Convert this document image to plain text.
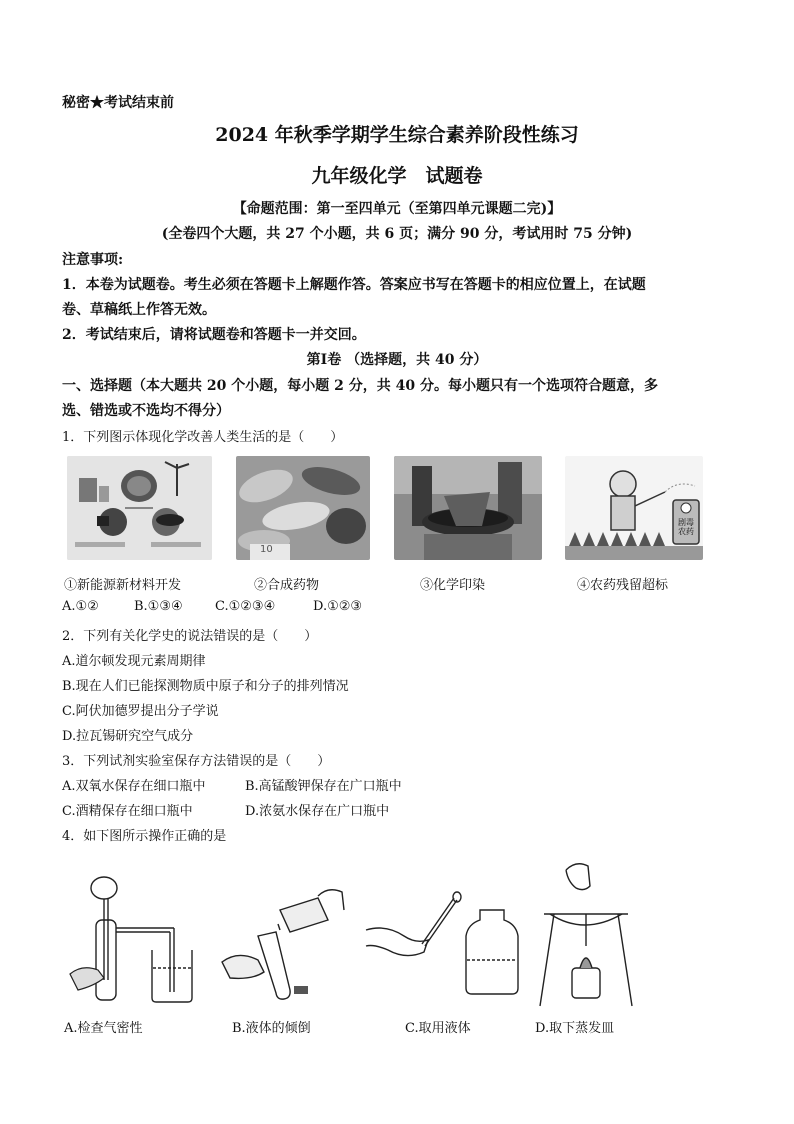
秘密★考试结束前
2024 年秋季学期学生综合素养阶段性练习
九年级化学　试题卷
【命题范围：第一至四单元（至第四单元课题二完)】
(全卷四个大题，共 27 个小题，共 6 页；满分 90 分，考试用时 75 分钟)
注意事项:
1．本卷为试题卷。考生必须在答题卡上解题作答。答案应书写在答题卡的相应位置上，在试题
卷、草稿纸上作答无效。
2．考试结束后，请将试题卷和答题卡一并交回。
第Ⅰ卷 （选择题，共 40 分）
一、选择题（本大题共 20 个小题，每小题 2 分，共 40 分。每小题只有一个选项符合题意，多
选、错选或不选均不得分）
1．下列图示体现化学改善人类生活的是（　　）
10
剧毒农药
①新能源新材料开发	②合成药物	③化学印染	④农药残留超标
A.①②	B.①③④ C.①②③④	D.①②③
2．下列有关化学史的说法错误的是（　　）
A.道尔顿发现元素周期律
B.现在人们已能探测物质中原子和分子的排列情况
C.阿伏加德罗提出分子学说
D.拉瓦锡研究空气成分
3．下列试剂实验室保存方法错误的是（　　）
A.双氧水保存在细口瓶中	B.高锰酸钾保存在广口瓶中
C.酒精保存在细口瓶中	D.浓氨水保存在广口瓶中
4．如下图所示操作正确的是
A.检查气密性	B.液体的倾倒	C.取用液体	D.取下蒸发皿
